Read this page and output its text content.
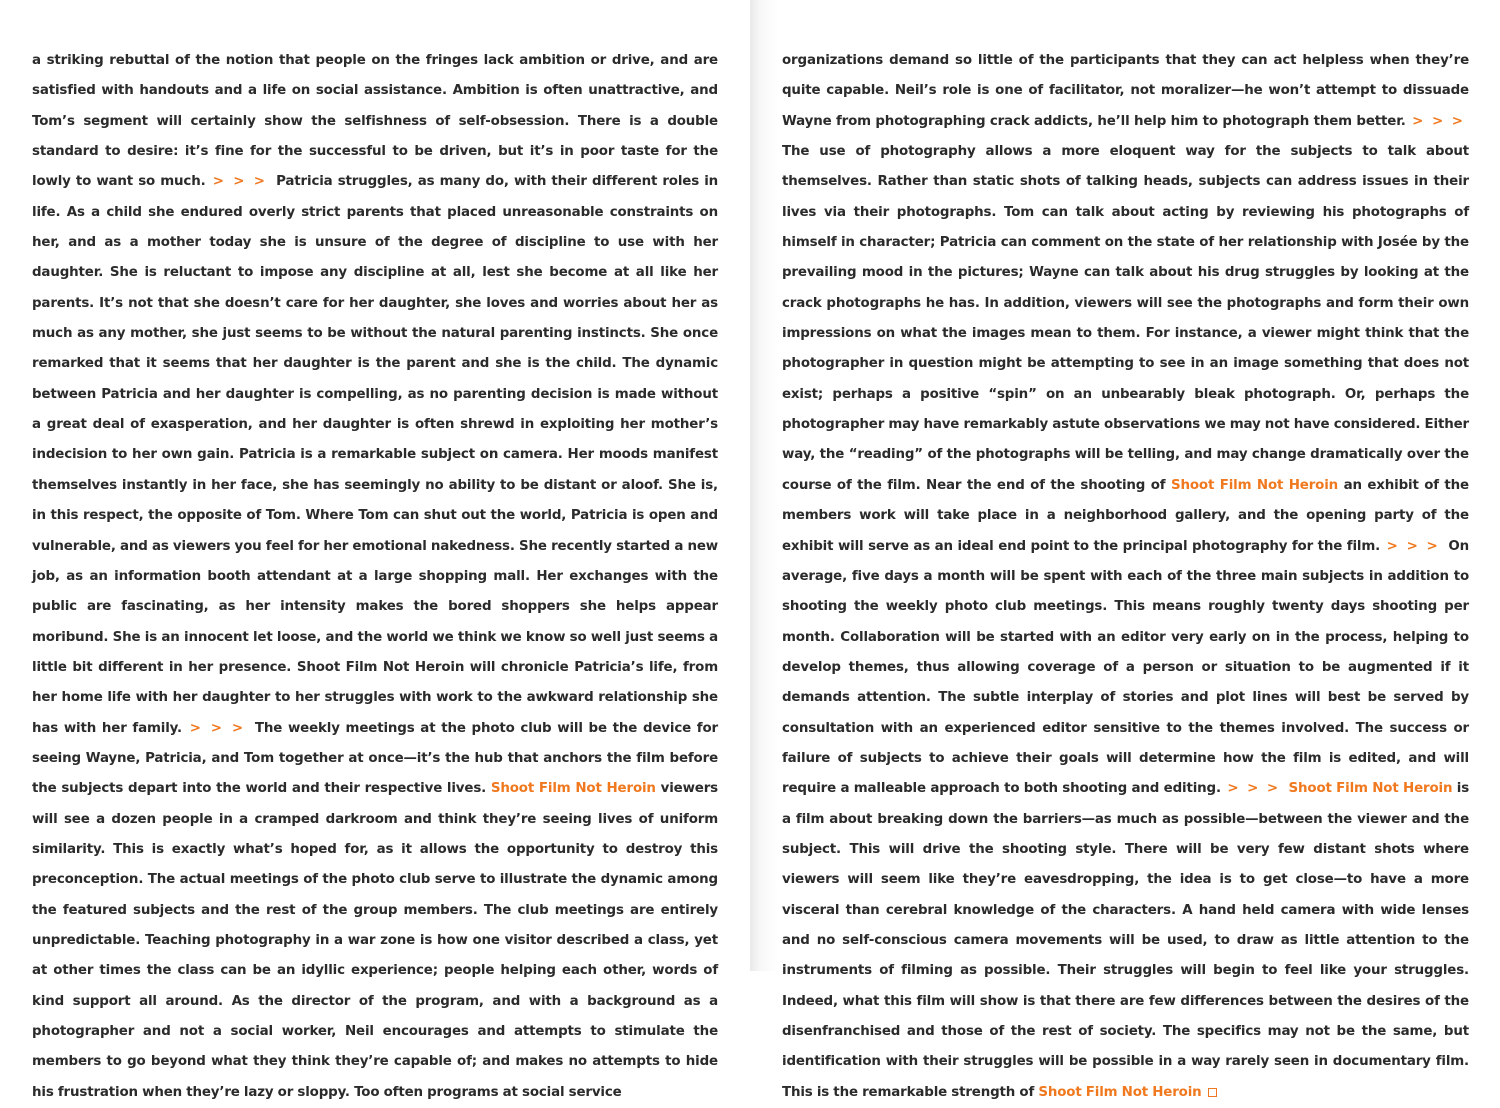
a striking rebuttal of the notion that people on the fringes lack ambition or drive, and are satisfied with handouts and a life on social assistance. Ambition is often unattractive, and Tom’s segment will certainly show the selfishness of self-obsession. There is a double standard to desire: it’s fine for the successful to be driven, but it’s in poor taste for the lowly to want so much. > > > Patricia struggles, as many do, with their different roles in life. As a child she endured overly strict parents that placed unreasonable constraints on her, and as a mother today she is unsure of the degree of discipline to use with her daughter. She is reluctant to impose any discipline at all, lest she become at all like her parents. It’s not that she doesn’t care for her daughter, she loves and worries about her as much as any mother, she just seems to be without the natural parenting instincts. She once remarked that it seems that her daughter is the parent and she is the child. The dynamic between Patricia and her daughter is compelling, as no parenting decision is made without a great deal of exasperation, and her daughter is often shrewd in exploiting her mother’s indecision to her own gain. Patricia is a remarkable subject on camera. Her moods manifest themselves instantly in her face, she has seemingly no ability to be distant or aloof. She is, in this respect, the opposite of Tom. Where Tom can shut out the world, Patricia is open and vulnerable, and as viewers you feel for her emotional nakedness. She recently started a new job, as an information booth attendant at a large shopping mall. Her exchanges with the public are fascinating, as her intensity makes the bored shoppers she helps appear moribund. She is an innocent let loose, and the world we think we know so well just seems a little bit different in her presence. Shoot Film Not Heroin will chronicle Patricia’s life, from her home life with her daughter to her struggles with work to the awkward relationship she has with her family. > > > The weekly meetings at the photo club will be the device for seeing Wayne, Patricia, and Tom together at once—it’s the hub that anchors the film before the subjects depart into the world and their respective lives. Shoot Film Not Heroin viewers will see a dozen people in a cramped darkroom and think they’re seeing lives of uniform similarity. This is exactly what’s hoped for, as it allows the opportunity to destroy this preconception. The actual meetings of the photo club serve to illustrate the dynamic among the featured subjects and the rest of the group members. The club meetings are entirely unpredictable. Teaching photography in a war zone is how one visitor described a class, yet at other times the class can be an idyllic experience; people helping each other, words of kind support all around. As the director of the program, and with a background as a photographer and not a social worker, Neil encourages and attempts to stimulate the members to go beyond what they think they’re capable of; and makes no attempts to hide his frustration when they’re lazy or sloppy. Too often programs at social service

organizations demand so little of the participants that they can act helpless when they’re quite capable. Neil’s role is one of facilitator, not moralizer—he won’t attempt to dissuade Wayne from photographing crack addicts, he’ll help him to photograph them better. > > > The use of photography allows a more eloquent way for the subjects to talk about themselves. Rather than static shots of talking heads, subjects can address issues in their lives via their photographs. Tom can talk about acting by reviewing his photographs of himself in character; Patricia can comment on the state of her relationship with Josée by the prevailing mood in the pictures; Wayne can talk about his drug struggles by looking at the crack photographs he has. In addition, viewers will see the photographs and form their own impressions on what the images mean to them. For instance, a viewer might think that the photographer in question might be attempting to see in an image something that does not exist; perhaps a positive “spin” on an unbearably bleak photograph. Or, perhaps the photographer may have remarkably astute observations we may not have considered. Either way, the “reading” of the photographs will be telling, and may change dramatically over the course of the film. Near the end of the shooting of Shoot Film Not Heroin an exhibit of the members work will take place in a neighborhood gallery, and the opening party of the exhibit will serve as an ideal end point to the principal photography for the film. > > > On average, five days a month will be spent with each of the three main subjects in addition to shooting the weekly photo club meetings. This means roughly twenty days shooting per month. Collaboration will be started with an editor very early on in the process, helping to develop themes, thus allowing coverage of a person or situation to be augmented if it demands attention. The subtle interplay of stories and plot lines will best be served by consultation with an experienced editor sensitive to the themes involved. The success or failure of subjects to achieve their goals will determine how the film is edited, and will require a malleable approach to both shooting and editing. > > > Shoot Film Not Heroin is a film about breaking down the barriers—as much as possible—between the viewer and the subject. This will drive the shooting style. There will be very few distant shots where viewers will seem like they’re eavesdropping, the idea is to get close—to have a more visceral than cerebral knowledge of the characters. A hand held camera with wide lenses and no self-conscious camera movements will be used, to draw as little attention to the instruments of filming as possible. Their struggles will begin to feel like your struggles. Indeed, what this film will show is that there are few differences between the desires of the disenfranchised and those of the rest of society. The specifics may not be the same, but identification with their struggles will be possible in a way rarely seen in documentary film. This is the remarkable strength of Shoot Film Not Heroin
